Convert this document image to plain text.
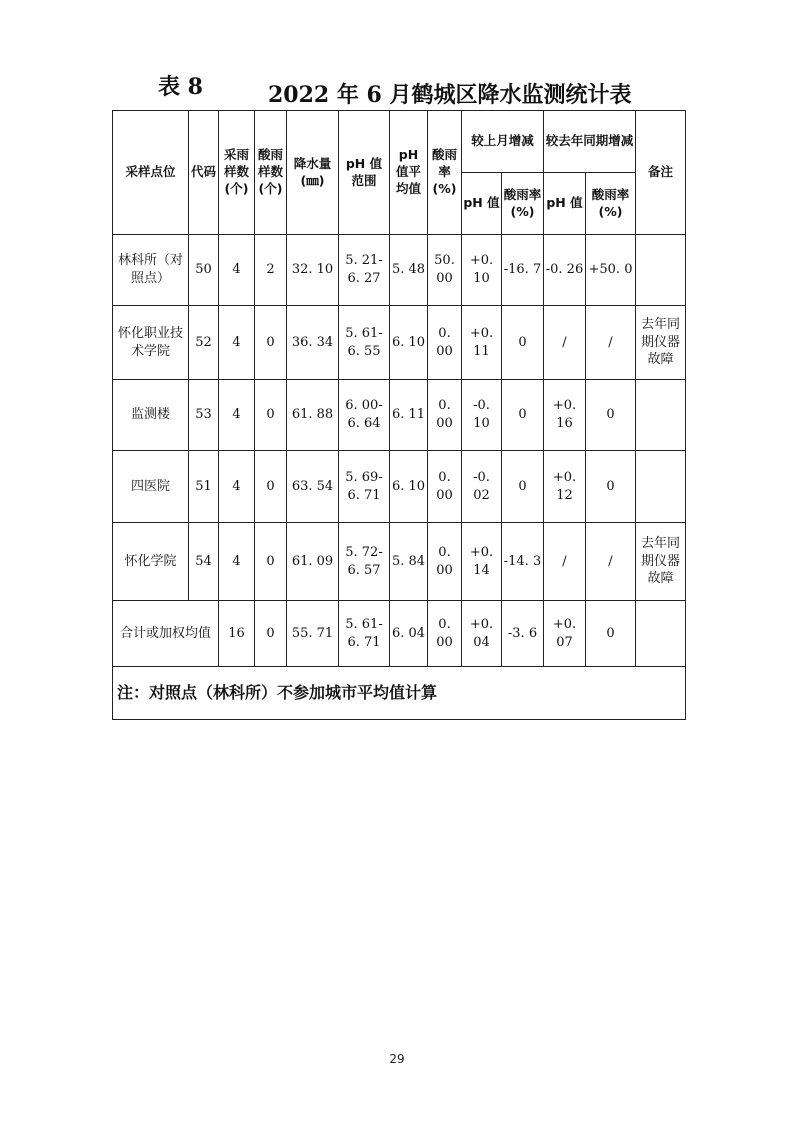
表 8	2022 年 6 月鹤城区降水监测统计表
采样点位	代码	采雨样数(个)	酸雨样数(个)	降水量(㎜)	pH 值范围	pH 值平均值	酸雨率(%)	较上月增减		较去年同期增减		备注
								pH 值	酸雨率(%)	pH 值	酸雨率(%)	
林科所（对照点）	50	4	2	32. 10	5. 21- 6. 27	5. 48	50. 00	+0. 10	-16. 7	-0. 26	+50. 0	
怀化职业技术学院	52	4	0	36. 34	5. 61- 6. 55	6. 10	0. 00	+0. 11	0	/	/	去年同期仪器故障
监测楼	53	4	0	61. 88	6. 00- 6. 64	6. 11	0. 00	-0. 10	0	+0. 16	0	
四医院	51	4	0	63. 54	5. 69- 6. 71	6. 10	0. 00	-0. 02	0	+0. 12	0	
怀化学院	54	4	0	61. 09	5. 72- 6. 57	5. 84	0. 00	+0. 14	-14. 3	/	/	去年同期仪器故障
合计或加权均值		16	0	55. 71	5. 61- 6. 71	6. 04	0. 00	+0. 04	-3. 6	+0. 07	0	
注：对照点（林科所）不参加城市平均值计算												
29
